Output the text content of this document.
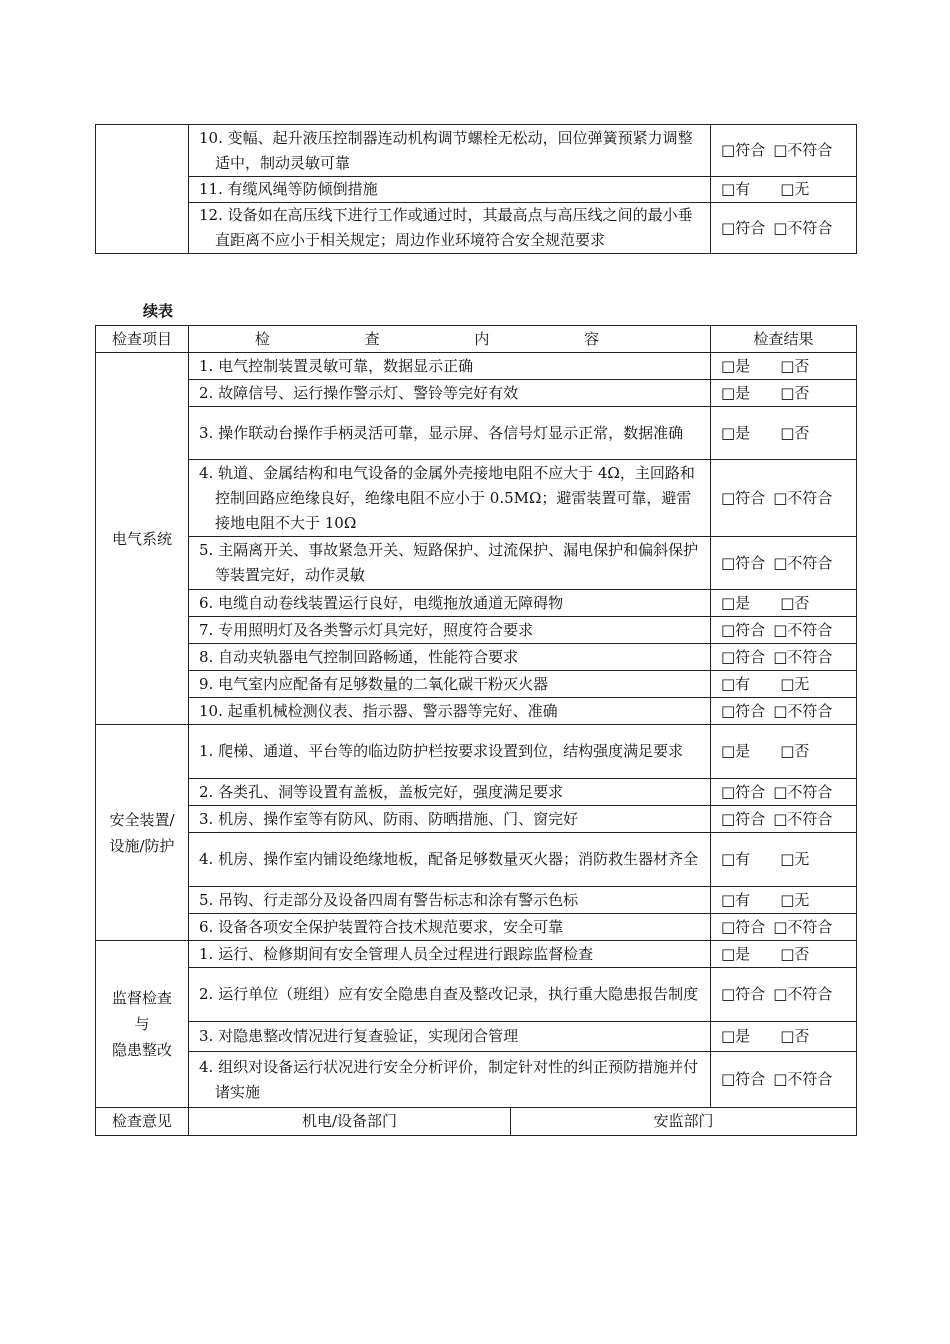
	10. 变幅、起升液压控制器连动机构调节螺栓无松动，回位弹簧预紧力调整适中，制动灵敏可靠	□符合 □不符合
	11. 有缆风绳等防倾倒措施	□有 □无
	12. 设备如在高压线下进行工作或通过时，其最高点与高压线之间的最小垂直距离不应小于相关规定；周边作业环境符合安全规范要求	□符合 □不符合
续表
检查项目	检 查 内 容		检查结果
电气系统	1. 电气控制装置灵敏可靠，数据显示正确		□是 □否
	2. 故障信号、运行操作警示灯、警铃等完好有效		□是 □否
	3. 操作联动台操作手柄灵活可靠，显示屏、各信号灯显示正常，数据准确		□是 □否
	4. 轨道、金属结构和电气设备的金属外壳接地电阻不应大于 4Ω，主回路和控制回路应绝缘良好，绝缘电阻不应小于 0.5MΩ；避雷装置可靠，避雷接地电阻不大于 10Ω		□符合 □不符合
	5. 主隔离开关、事故紧急开关、短路保护、过流保护、漏电保护和偏斜保护等装置完好，动作灵敏		□符合 □不符合
	6. 电缆自动卷线装置运行良好，电缆拖放通道无障碍物		□是 □否
	7. 专用照明灯及各类警示灯具完好，照度符合要求		□符合 □不符合
	8. 自动夹轨器电气控制回路畅通，性能符合要求		□符合 □不符合
	9. 电气室内应配备有足够数量的二氧化碳干粉灭火器		□有 □无
	10. 起重机械检测仪表、指示器、警示器等完好、准确		□符合 □不符合
安全装置/
设施/防护	1. 爬梯、通道、平台等的临边防护栏按要求设置到位，结构强度满足要求		□是 □否
	2. 各类孔、洞等设置有盖板，盖板完好，强度满足要求		□符合 □不符合
	3. 机房、操作室等有防风、防雨、防晒措施、门、窗完好		□符合 □不符合
	4. 机房、操作室内铺设绝缘地板，配备足够数量灭火器；消防救生器材齐全		□有 □无
	5. 吊钩、行走部分及设备四周有警告标志和涂有警示色标		□有 □无
	6. 设备各项安全保护装置符合技术规范要求，安全可靠		□符合 □不符合
监督检查
与
隐患整改	1. 运行、检修期间有安全管理人员全过程进行跟踪监督检查		□是 □否
	2. 运行单位（班组）应有安全隐患自查及整改记录，执行重大隐患报告制度		□符合 □不符合
	3. 对隐患整改情况进行复查验证，实现闭合管理		□是 □否
	4. 组织对设备运行状况进行安全分析评价，制定针对性的纠正预防措施并付诸实施		□符合 □不符合
检查意见	机电/设备部门	安监部门	
